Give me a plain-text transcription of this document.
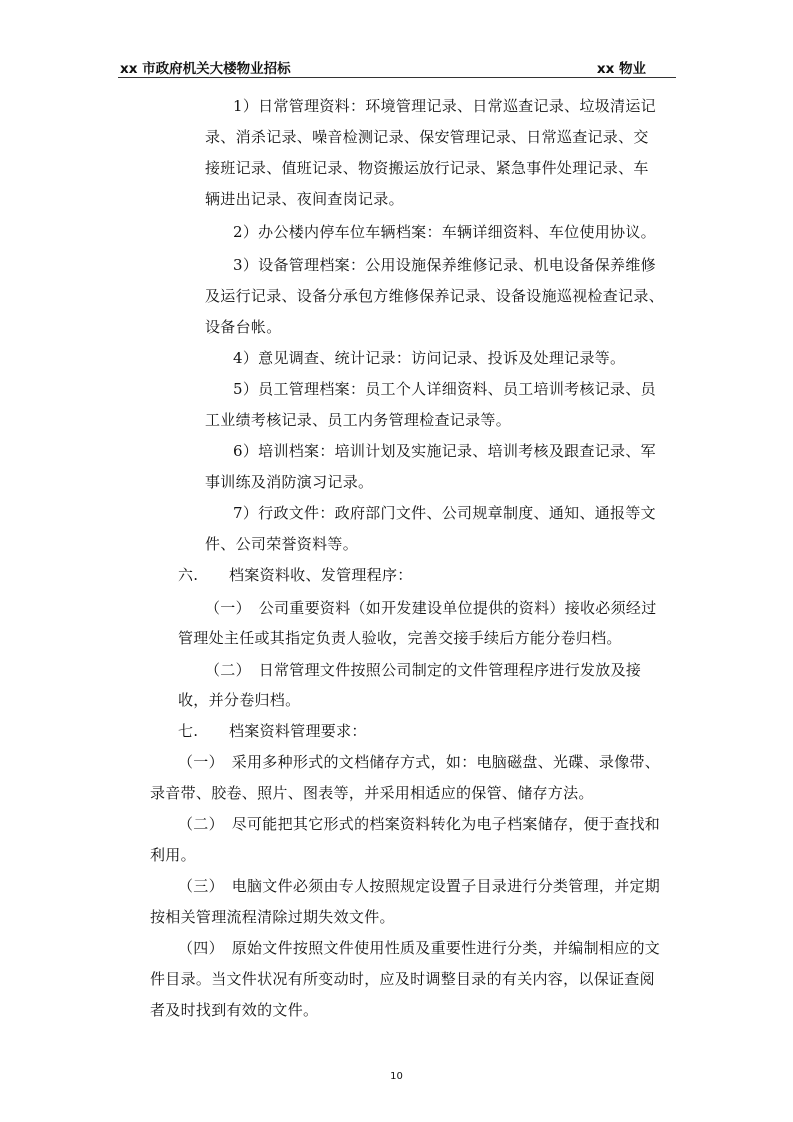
xx 市政府机关大楼物业招标	xx 物业
1）日常管理资料：环境管理记录、日常巡查记录、垃圾清运记
录、消杀记录、噪音检测记录、保安管理记录、日常巡查记录、交
接班记录、值班记录、物资搬运放行记录、紧急事件处理记录、车
辆进出记录、夜间查岗记录。
2）办公楼内停车位车辆档案：车辆详细资料、车位使用协议。
3）设备管理档案：公用设施保养维修记录、机电设备保养维修
及运行记录、设备分承包方维修保养记录、设备设施巡视检查记录、
设备台帐。
4）意见调查、统计记录：访问记录、投诉及处理记录等。
5）员工管理档案：员工个人详细资料、员工培训考核记录、员
工业绩考核记录、员工内务管理检查记录等。
6）培训档案：培训计划及实施记录、培训考核及跟查记录、军
事训练及消防演习记录。
7）行政文件：政府部门文件、公司规章制度、通知、通报等文
件、公司荣誉资料等。
六.　　档案资料收、发管理程序：
（一）　公司重要资料（如开发建设单位提供的资料）接收必须经过
管理处主任或其指定负责人验收，完善交接手续后方能分卷归档。
（二）　日常管理文件按照公司制定的文件管理程序进行发放及接
收，并分卷归档。
七.　　档案资料管理要求：
（一）　采用多种形式的文档储存方式，如：电脑磁盘、光碟、录像带、
录音带、胶卷、照片、图表等，并采用相适应的保管、储存方法。
（二）　尽可能把其它形式的档案资料转化为电子档案储存，便于查找和
利用。
（三）　电脑文件必须由专人按照规定设置子目录进行分类管理，并定期
按相关管理流程清除过期失效文件。
（四）　原始文件按照文件使用性质及重要性进行分类，并编制相应的文
件目录。当文件状况有所变动时，应及时调整目录的有关内容，以保证查阅
者及时找到有效的文件。
10
